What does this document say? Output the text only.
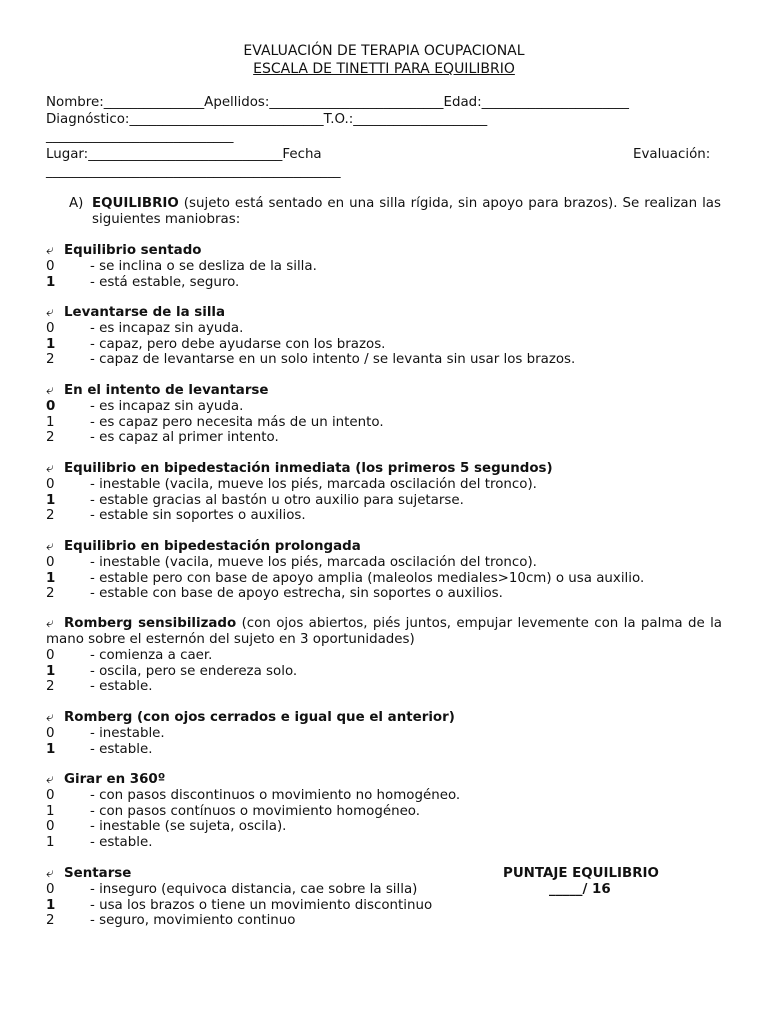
EVALUACIÓN DE TERAPIA OCUPACIONAL
ESCALA DE TINETTI PARA EQUILIBRIO
Nombre:_______________Apellidos:__________________________Edad:______________________
Diagnóstico:_____________________________T.O.:____________________
____________________________
Lugar:_____________________________Fecha	Evaluación:
____________________________________________
A) EQUILIBRIO (sujeto está sentado en una silla rígida, sin apoyo para brazos). Se realizan las siguientes maniobras:
⤶ Equilibrio sentado
0	- se inclina o se desliza de la silla.
1	- está estable, seguro.
⤶ Levantarse de la silla
0	- es incapaz sin ayuda.
1	- capaz, pero debe ayudarse con los brazos.
2	- capaz de levantarse en un solo intento / se levanta sin usar los brazos.
⤶ En el intento de levantarse
0	- es incapaz sin ayuda.
1	- es capaz pero necesita más de un intento.
2	- es capaz al primer intento.
⤶ Equilibrio en bipedestación inmediata (los primeros 5 segundos)
0	- inestable (vacila, mueve los piés, marcada oscilación del tronco).
1	- estable gracias al bastón u otro auxilio para sujetarse.
2	- estable sin soportes o auxilios.
⤶ Equilibrio en bipedestación prolongada
0	- inestable (vacila, mueve los piés, marcada oscilación del tronco).
1	- estable pero con base de apoyo amplia (maleolos mediales>10cm) o usa auxilio.
2	- estable con base de apoyo estrecha, sin soportes o auxilios.
⤶ Romberg sensibilizado (con ojos abiertos, piés juntos, empujar levemente con la palma de la mano sobre el esternón del sujeto en 3 oportunidades)
0	- comienza a caer.
1	- oscila, pero se endereza solo.
2	- estable.
⤶ Romberg (con ojos cerrados e igual que el anterior)
0	- inestable.
1	- estable.
⤶ Girar en 360º
0	- con pasos discontinuos o movimiento no homogéneo.
1	- con pasos contínuos o movimiento homogéneo.
0	- inestable (se sujeta, oscila).
1	- estable.
⤶ Sentarse
0	- inseguro (equivoca distancia, cae sobre la silla)
1	- usa los brazos o tiene un movimiento discontinuo
2	- seguro, movimiento continuo
PUNTAJE EQUILIBRIO
_____/ 16
